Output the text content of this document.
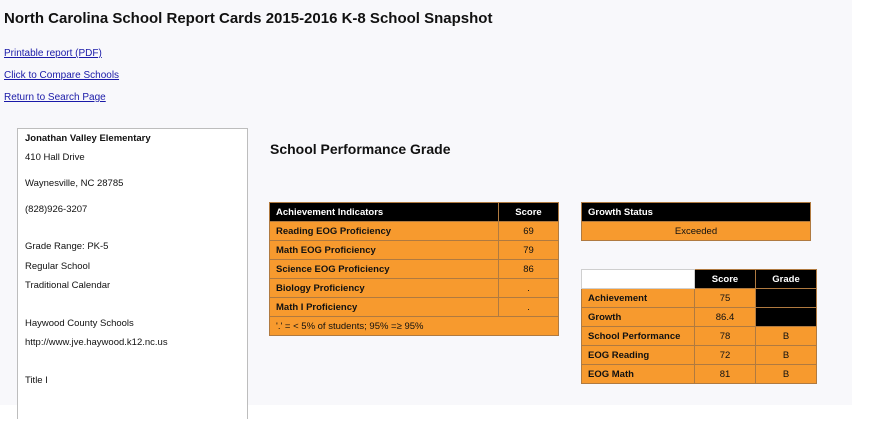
North Carolina School Report Cards 2015-2016 K-8 School Snapshot
Printable report (PDF)
Click to Compare Schools
Return to Search Page
Jonathan Valley Elementary
410 Hall Drive
Waynesville, NC 28785
(828)926-3207
Grade Range: PK-5
Regular School
Traditional Calendar
Haywood County Schools
http://www.jve.haywood.k12.nc.us
Title I
School Performance Grade
Achievement Indicators	Score
Reading EOG Proficiency	69
Math EOG Proficiency	79
Science EOG Proficiency	86
Biology Proficiency	.
Math I Proficiency	.
'.' = < 5% of students; 95% =≥ 95%	
Growth Status
Exceeded
	Score	Grade
Achievement	75	
Growth	86.4	
School Performance	78	B
EOG Reading	72	B
EOG Math	81	B
